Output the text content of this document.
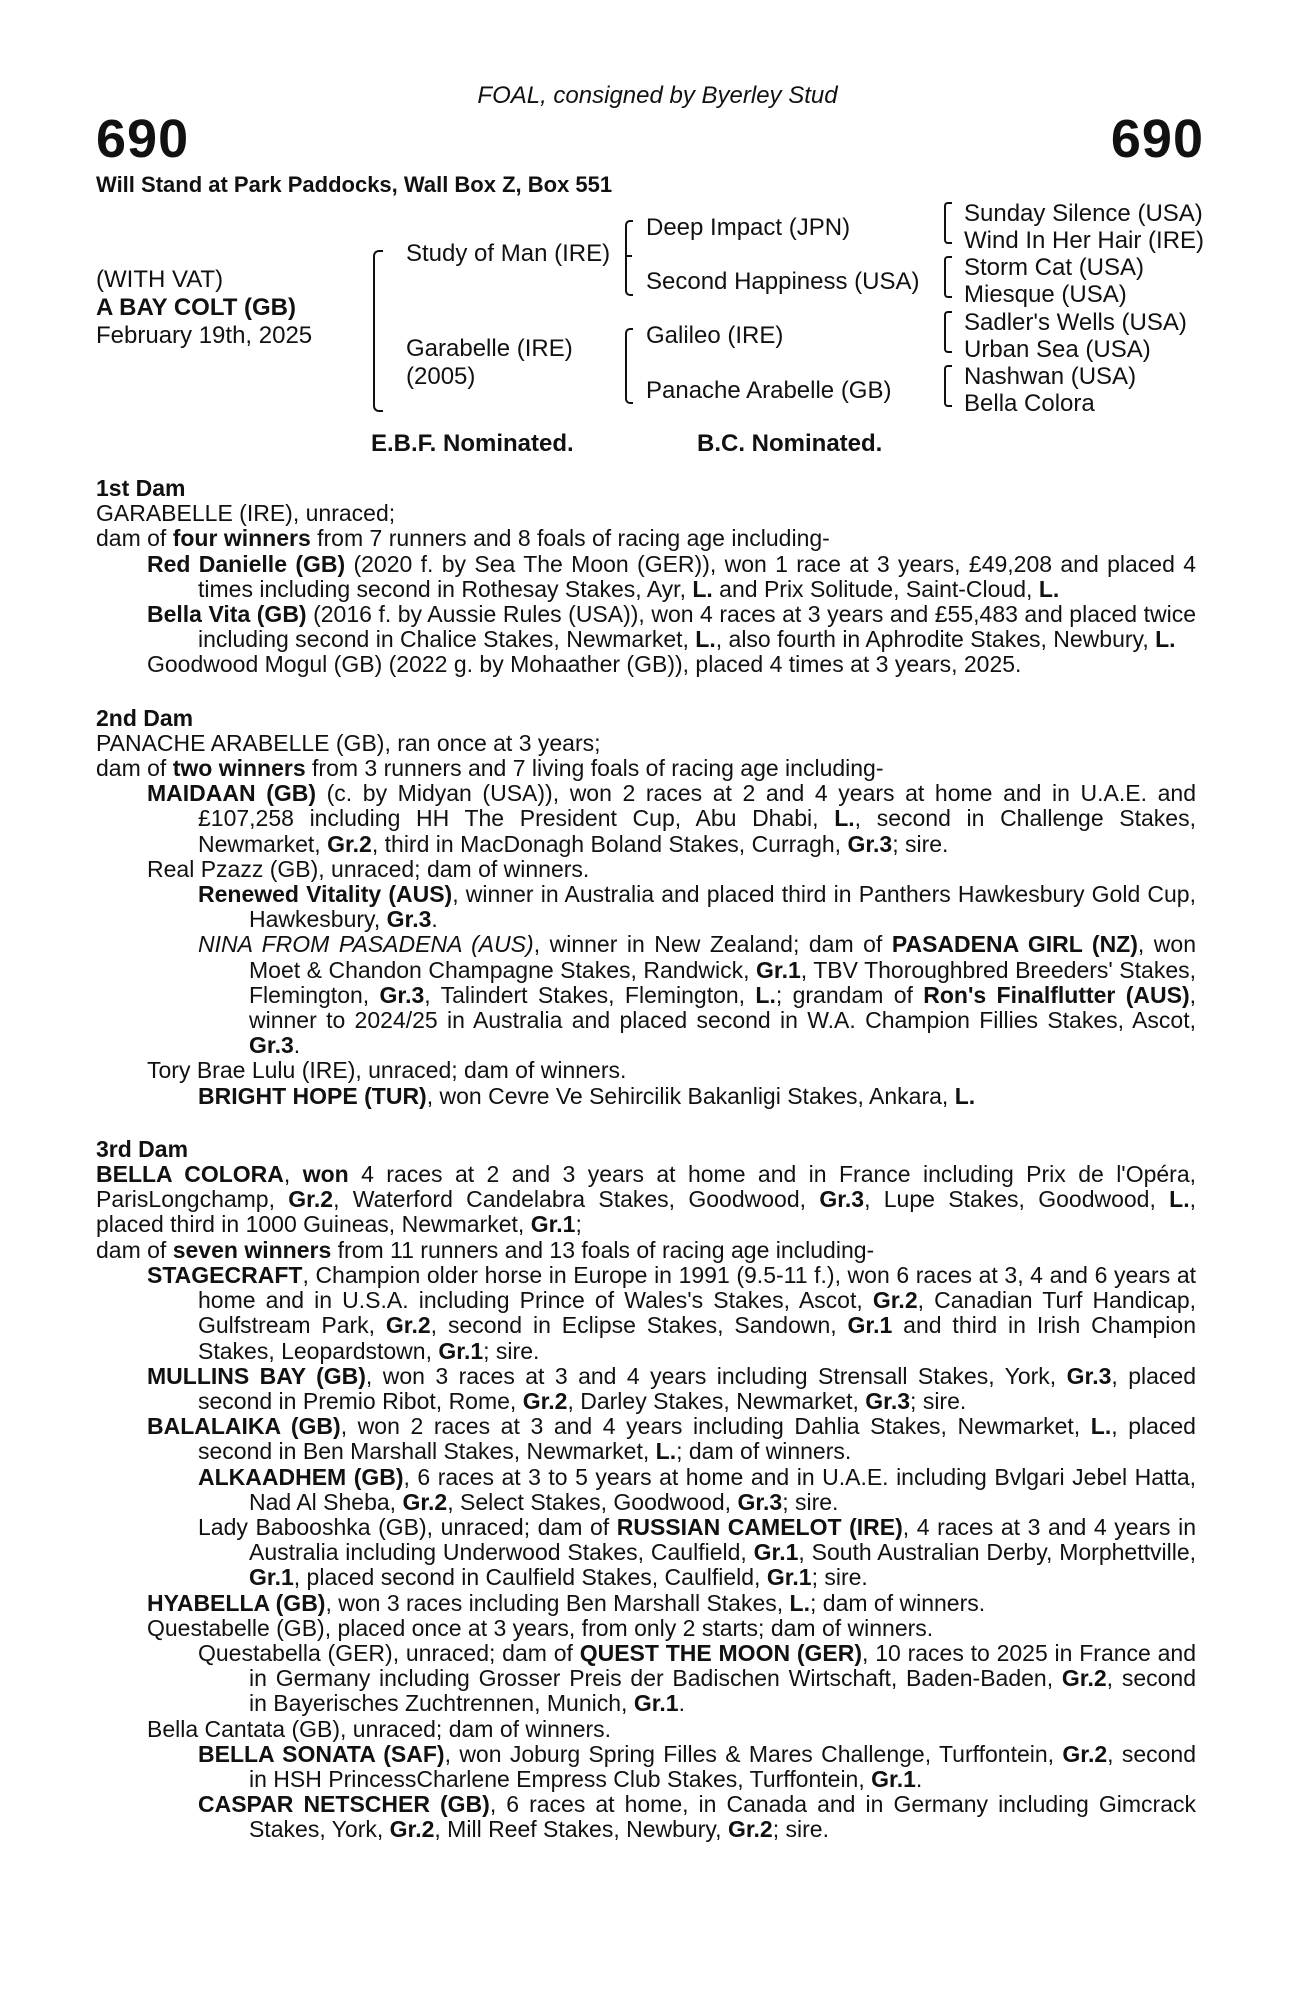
FOAL, consigned by Byerley Stud
690	690
Will Stand at Park Paddocks, Wall Box Z, Box 551
(WITH VAT)
A BAY COLT (GB)
February 19th, 2025
Study of Man (IRE)
Garabelle (IRE)
(2005)
Deep Impact (JPN)
Second Happiness (USA)
Galileo (IRE)
Panache Arabelle (GB)
Sunday Silence (USA)
Wind In Her Hair (IRE)
Storm Cat (USA)
Miesque (USA)
Sadler's Wells (USA)
Urban Sea (USA)
Nashwan (USA)
Bella Colora
E.B.F. Nominated.	B.C. Nominated.

1st Dam

GARABELLE (IRE), unraced;

dam of four winners from 7 runners and 8 foals of racing age including-

Red Danielle (GB) (2020 f. by Sea The Moon (GER)), won 1 race at 3 years, £49,208 and placed 4 times including second in Rothesay Stakes, Ayr, L. and Prix Solitude, Saint-Cloud, L.

Bella Vita (GB) (2016 f. by Aussie Rules (USA)), won 4 races at 3 years and £55,483 and placed twice including second in Chalice Stakes, Newmarket, L., also fourth in Aphrodite Stakes, Newbury, L.

Goodwood Mogul (GB) (2022 g. by Mohaather (GB)), placed 4 times at 3 years, 2025.

2nd Dam

PANACHE ARABELLE (GB), ran once at 3 years;

dam of two winners from 3 runners and 7 living foals of racing age including-

MAIDAAN (GB) (c. by Midyan (USA)), won 2 races at 2 and 4 years at home and in U.A.E. and £107,258 including HH The President Cup, Abu Dhabi, L., second in Challenge Stakes, Newmarket, Gr.2, third in MacDonagh Boland Stakes, Curragh, Gr.3; sire.

Real Pzazz (GB), unraced; dam of winners.

Renewed Vitality (AUS), winner in Australia and placed third in Panthers Hawkesbury Gold Cup, Hawkesbury, Gr.3.

NINA FROM PASADENA (AUS), winner in New Zealand; dam of PASADENA GIRL (NZ), won Moet & Chandon Champagne Stakes, Randwick, Gr.1, TBV Thoroughbred Breeders' Stakes, Flemington, Gr.3, Talindert Stakes, Flemington, L.; grandam of Ron's Finalflutter (AUS), winner to 2024/25 in Australia and placed second in W.A. Champion Fillies Stakes, Ascot, Gr.3.

Tory Brae Lulu (IRE), unraced; dam of winners.

BRIGHT HOPE (TUR), won Cevre Ve Sehircilik Bakanligi Stakes, Ankara, L.

3rd Dam

BELLA COLORA, won 4 races at 2 and 3 years at home and in France including Prix de l'Opéra, ParisLongchamp, Gr.2, Waterford Candelabra Stakes, Goodwood, Gr.3, Lupe Stakes, Goodwood, L., placed third in 1000 Guineas, Newmarket, Gr.1;

dam of seven winners from 11 runners and 13 foals of racing age including-

STAGECRAFT, Champion older horse in Europe in 1991 (9.5-11 f.), won 6 races at 3, 4 and 6 years at home and in U.S.A. including Prince of Wales's Stakes, Ascot, Gr.2, Canadian Turf Handicap, Gulfstream Park, Gr.2, second in Eclipse Stakes, Sandown, Gr.1 and third in Irish Champion Stakes, Leopardstown, Gr.1; sire.

MULLINS BAY (GB), won 3 races at 3 and 4 years including Strensall Stakes, York, Gr.3, placed second in Premio Ribot, Rome, Gr.2, Darley Stakes, Newmarket, Gr.3; sire.

BALALAIKA (GB), won 2 races at 3 and 4 years including Dahlia Stakes, Newmarket, L., placed second in Ben Marshall Stakes, Newmarket, L.; dam of winners.

ALKAADHEM (GB), 6 races at 3 to 5 years at home and in U.A.E. including Bvlgari Jebel Hatta, Nad Al Sheba, Gr.2, Select Stakes, Goodwood, Gr.3; sire.

Lady Babooshka (GB), unraced; dam of RUSSIAN CAMELOT (IRE), 4 races at 3 and 4 years in Australia including Underwood Stakes, Caulfield, Gr.1, South Australian Derby, Morphettville, Gr.1, placed second in Caulfield Stakes, Caulfield, Gr.1; sire.

HYABELLA (GB), won 3 races including Ben Marshall Stakes, L.; dam of winners.

Questabelle (GB), placed once at 3 years, from only 2 starts; dam of winners.

Questabella (GER), unraced; dam of QUEST THE MOON (GER), 10 races to 2025 in France and in Germany including Grosser Preis der Badischen Wirtschaft, Baden-Baden, Gr.2, second in Bayerisches Zuchtrennen, Munich, Gr.1.

Bella Cantata (GB), unraced; dam of winners.

BELLA SONATA (SAF), won Joburg Spring Filles & Mares Challenge, Turffontein, Gr.2, second in HSH PrincessCharlene Empress Club Stakes, Turffontein, Gr.1.

CASPAR NETSCHER (GB), 6 races at home, in Canada and in Germany including Gimcrack Stakes, York, Gr.2, Mill Reef Stakes, Newbury, Gr.2; sire.
